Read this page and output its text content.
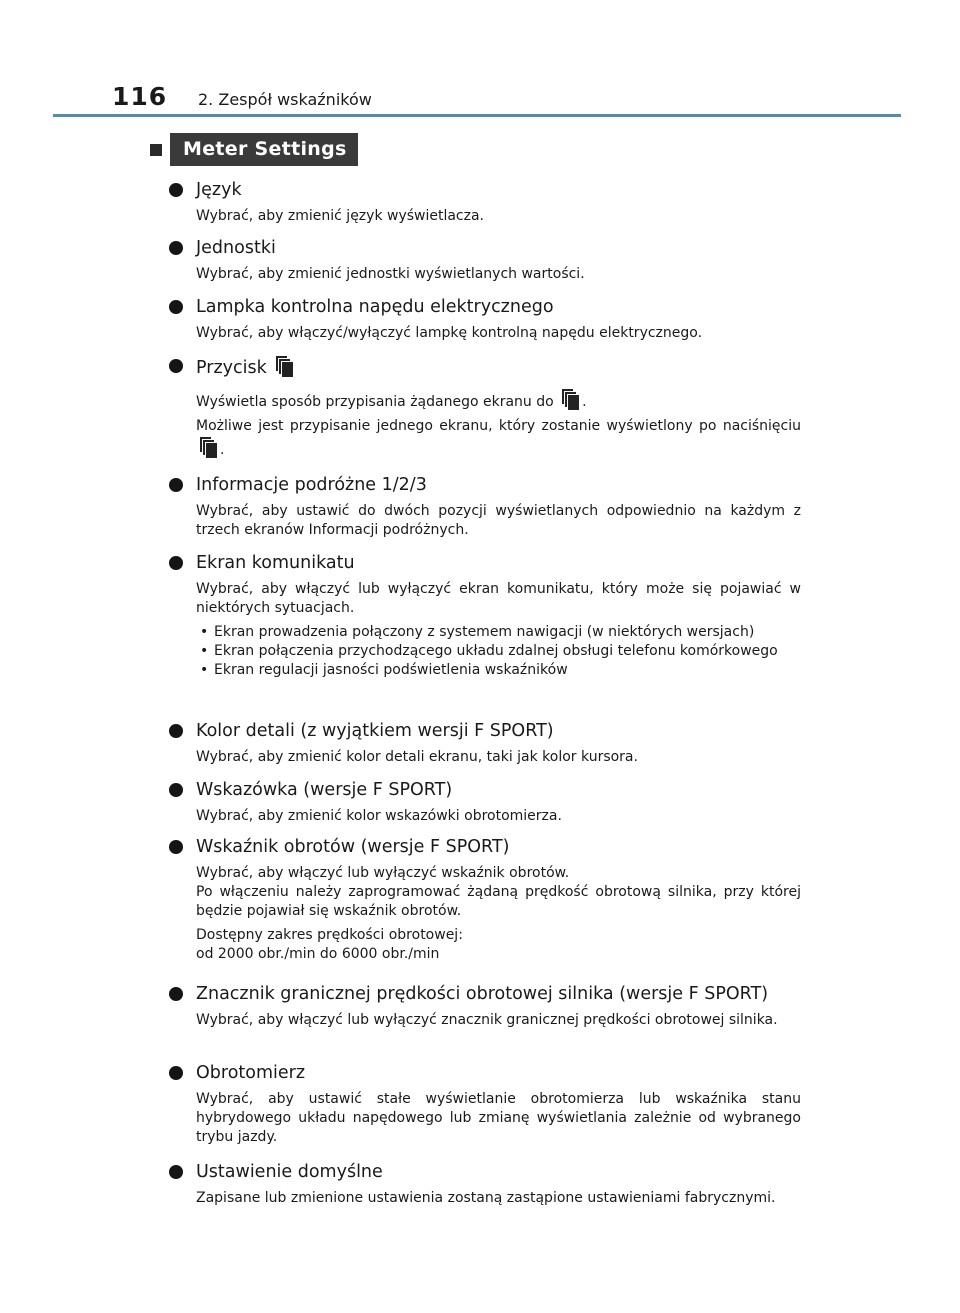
116	2. Zespół wskaźników
Meter Settings
Język
Wybrać, aby zmienić język wyświetlacza.
Jednostki
Wybrać, aby zmienić jednostki wyświetlanych wartości.
Lampka kontrolna napędu elektrycznego
Wybrać, aby włączyć/wyłączyć lampkę kontrolną napędu elektrycznego.
Przycisk

Wyświetla sposób przypisania żądanego ekranu do .

Możliwe jest przypisanie jednego ekranu, który zostanie wyświetlony po naciśnięciu
.

Informacje podróżne 1/2/3
Wybrać, aby ustawić do dwóch pozycji wyświetlanych odpowiednio na każdym z trzech ekranów Informacji podróżnych.
Ekran komunikatu

Wybrać, aby włączyć lub wyłączyć ekran komunikatu, który może się pojawiać w niektórych sytuacjach.

• Ekran prowadzenia połączony z systemem nawigacji (w niektórych wersjach)
• Ekran połączenia przychodzącego układu zdalnej obsługi telefonu komórkowego
• Ekran regulacji jasności podświetlenia wskaźników
Kolor detali (z wyjątkiem wersji F SPORT)
Wybrać, aby zmienić kolor detali ekranu, taki jak kolor kursora.
Wskazówka (wersje F SPORT)
Wybrać, aby zmienić kolor wskazówki obrotomierza.
Wskaźnik obrotów (wersje F SPORT)

Wybrać, aby włączyć lub wyłączyć wskaźnik obrotów.

Po włączeniu należy zaprogramować żądaną prędkość obrotową silnika, przy której będzie pojawiał się wskaźnik obrotów.

Dostępny zakres prędkości obrotowej:

od 2000 obr./min do 6000 obr./min

Znacznik granicznej prędkości obrotowej silnika (wersje F SPORT)
Wybrać, aby włączyć lub wyłączyć znacznik granicznej prędkości obrotowej silnika.
Obrotomierz
Wybrać, aby ustawić stałe wyświetlanie obrotomierza lub wskaźnika stanu hybrydowego układu napędowego lub zmianę wyświetlania zależnie od wybranego trybu jazdy.
Ustawienie domyślne
Zapisane lub zmienione ustawienia zostaną zastąpione ustawieniami fabrycznymi.
